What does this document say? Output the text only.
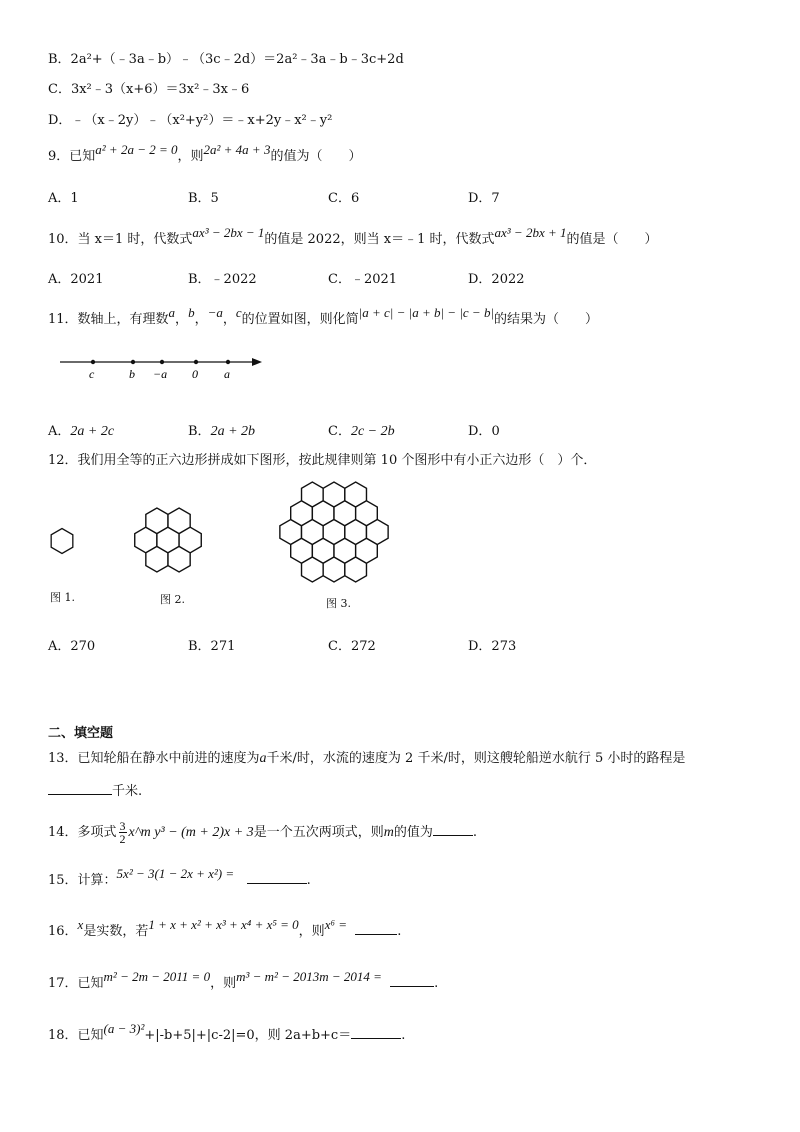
B．2a²+（﹣3a﹣b）﹣（3c﹣2d）＝2a²﹣3a﹣b﹣3c+2d
C．3x²﹣3（x+6）＝3x²﹣3x﹣6
D．﹣（x﹣2y）﹣（x²+y²）＝﹣x+2y﹣x²﹣y²
9．已知a² + 2a − 2 = 0，则2a² + 4a + 3的值为（　　）
A．1	B．5	C．6	D．7
10．当 x＝1 时，代数式ax³ − 2bx − 1的值是 2022，则当 x＝﹣1 时，代数式ax³ − 2bx + 1的值是（　　）
A．2021	B．﹣2022	C．﹣2021	D．2022
11．数轴上，有理数a，b，−a，c的位置如图，则化简|a + c| − |a + b| − |c − b|的结果为（　　）
c	b −a 0 a
A．2a + 2c	B．2a + 2b	C．2c − 2b	D．0
12．我们用全等的正六边形拼成如下图形，按此规律则第 10 个图形中有小正六边形（　）个．
图 1.	图 2.	图 3.
A．270	B．271	C．272	D．273
二、填空题
13．已知轮船在静水中前进的速度为a千米/时，水流的速度为 2 千米/时，则这艘轮船逆水航行 5 小时的路程是
千米.
14．多项式 $\frac{3}{2}$ x^m y³ − (m + 2)x + 3是一个五次两项式，则m的值为	.
15．计算：5x² − 3(1 − 2x + x²) =	.
16．x是实数，若1 + x + x² + x³ + x⁴ + x⁵ = 0，则x⁶ =	.
17．已知m² − 2m − 2011 = 0，则m³ − m² − 2013m − 2014 =	.
18．已知(a − 3)²+|-b+5|+|c-2|=0，则 2a+b+c＝	.
